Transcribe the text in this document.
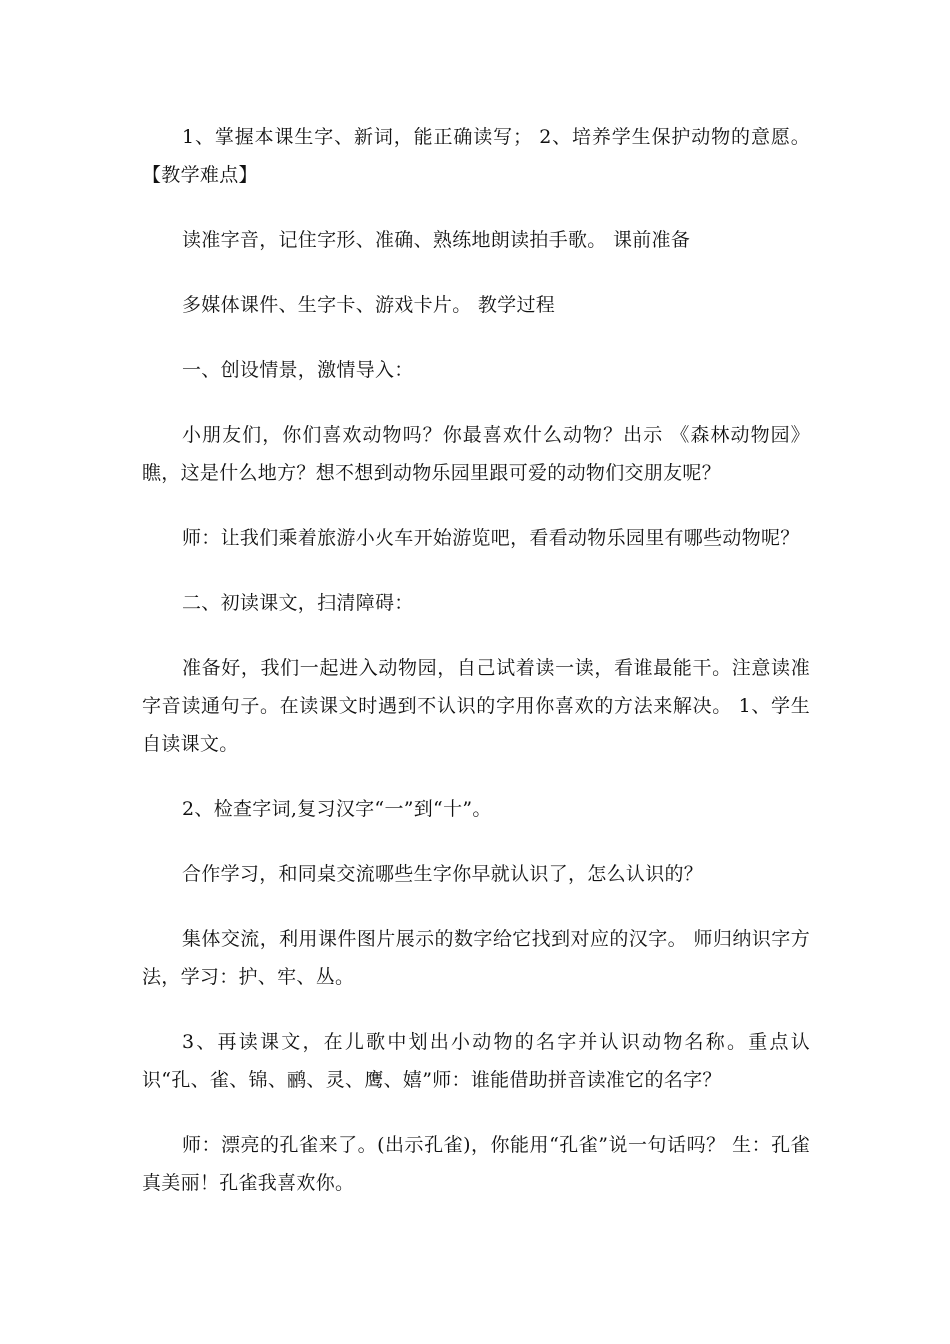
1、掌握本课生字、新词，能正确读写； 2、培养学生保护动物的意愿。【教学难点】

读准字音，记住字形、准确、熟练地朗读拍手歌。 课前准备

多媒体课件、生字卡、游戏卡片。 教学过程

一、创设情景，激情导入：

小朋友们，你们喜欢动物吗？你最喜欢什么动物？出示 《森林动物园》瞧，这是什么地方？想不想到动物乐园里跟可爱的动物们交朋友呢？

师：让我们乘着旅游小火车开始游览吧，看看动物乐园里有哪些动物呢？

二、初读课文，扫清障碍：

准备好，我们一起进入动物园，自己试着读一读，看谁最能干。注意读准字音读通句子。在读课文时遇到不认识的字用你喜欢的方法来解决。 1、学生自读课文。

2、检查字词,复习汉字“一”到“十”。

合作学习，和同桌交流哪些生字你早就认识了，怎么认识的？

集体交流，利用课件图片展示的数字给它找到对应的汉字。 师归纳识字方法，学习：护、牢、丛。

3、再读课文，在儿歌中划出小动物的名字并认识动物名称。重点认识“孔、雀、锦、鹂、灵、鹰、嬉”师：谁能借助拼音读准它的名字？

师：漂亮的孔雀来了。(出示孔雀)，你能用“孔雀”说一句话吗？ 生：孔雀真美丽！孔雀我喜欢你。
